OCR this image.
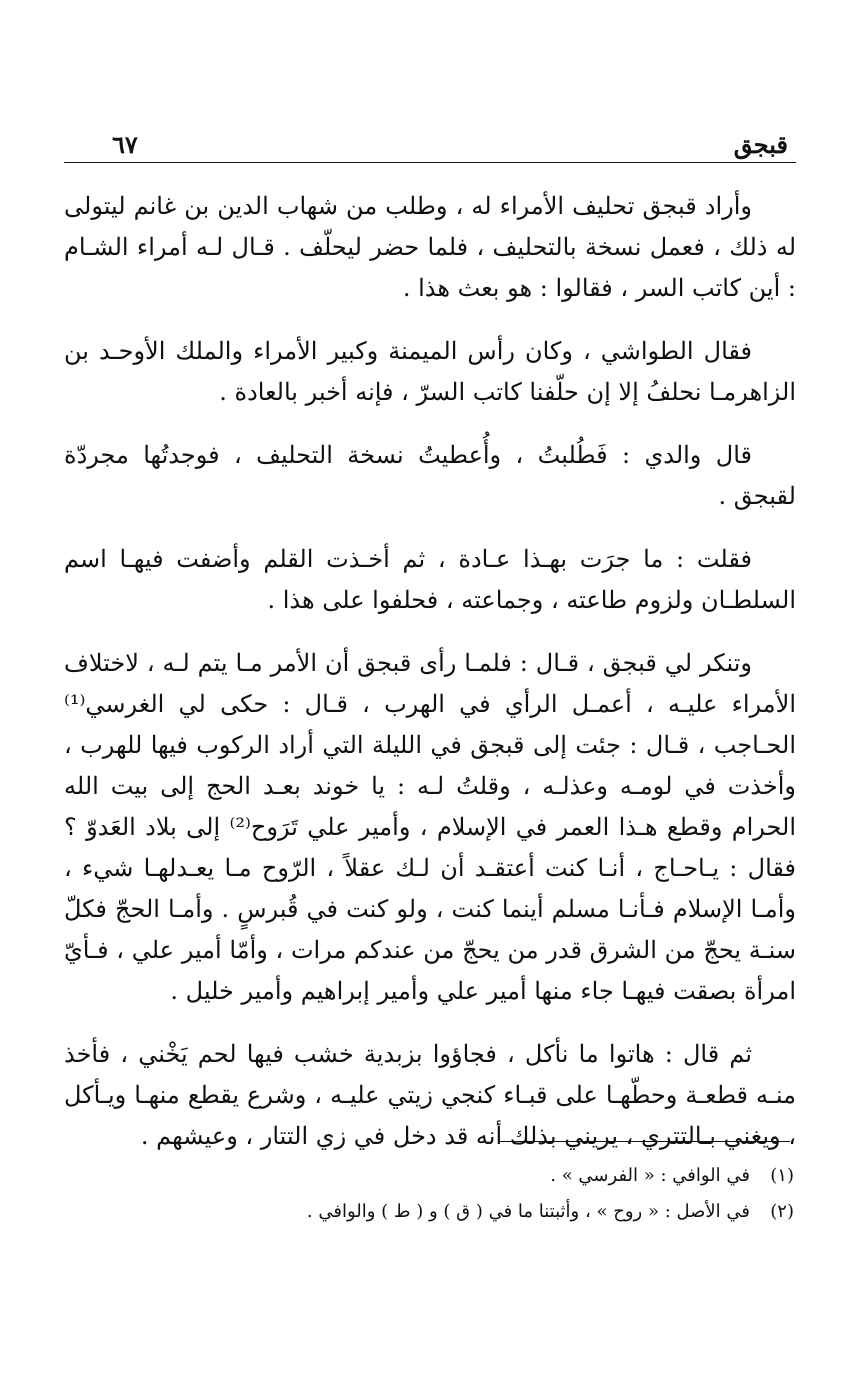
قبجق
٦٧

وأراد قبجق تحليف الأمراء له ، وطلب من شهاب الدين بن غانم ليتولى له ذلك ، فعمل نسخة بالتحليف ، فلما حضر ليحلّف . قـال لـه أمراء الشـام : أين كاتب السر ، فقالوا : هو بعث هذا .

فقال الطواشي ، وكان رأس الميمنة وكبير الأمراء والملك الأوحـد بن الزاهرمـا نحلفُ إلا إن حلّفنا كاتب السرّ ، فإنه أخبر بالعادة .

قال والدي : فَطُلبتُ ، وأُعطيتُ نسخة التحليف ، فوجدتُها مجردّة لقبجق .

فقلت : ما جرَت بهـذا عـادة ، ثم أخـذت القلم وأضفت فيهـا اسم السلطـان ولزوم طاعته ، وجماعته ، فحلفوا على هذا .

وتنكر لي قبجق ، قـال : فلمـا رأى قبجق أن الأمر مـا يتم لـه ، لاختلاف الأمراء عليـه ، أعمـل الرأي في الهرب ، قـال : حكى لي الغرسي⁽¹⁾ الحـاجب ، قـال : جئت إلى قبجق في الليلة التي أراد الركوب فيها للهرب ، وأخذت في لومـه وعذلـه ، وقلتُ لـه : يا خوند بعـد الحج إلى بيت الله الحرام وقطع هـذا العمر في الإسلام ، وأمير علي تَرَوح⁽²⁾ إلى بلاد العَدوّ ؟ فقال : يـاحـاج ، أنـا كنت أعتقـد أن لـك عقلاً ، الرّوح مـا يعـدلهـا شيء ، وأمـا الإسلام فـأنـا مسلم أينما كنت ، ولو كنت في قُبرسٍ . وأمـا الحجّ فكلّ سنـة يحجّ من الشرق قدر من يحجّ من عندكم مرات ، وأمّا أمير علي ، فـأيّ امرأة بصقت فيهـا جاء منها أمير علي وأمير إبراهيم وأمير خليل .

ثم قال : هاتوا ما نأكل ، فجاؤوا بزبدية خشب فيها لحم يَخْني ، فأخذ منـه قطعـة وحطّهـا على قبـاء كنجي زيتي عليـه ، وشرع يقطع منهـا ويـأكل ، ويغني بـالتتري ، يريني بذلك أنه قد دخل في زي التتار ، وعيشهم .

(١)
في الوافي : « الفرسي » .
(٢)
في الأصل : « روح » ، وأثبتنا ما في ( ق ) و ( ط ) والوافي .
